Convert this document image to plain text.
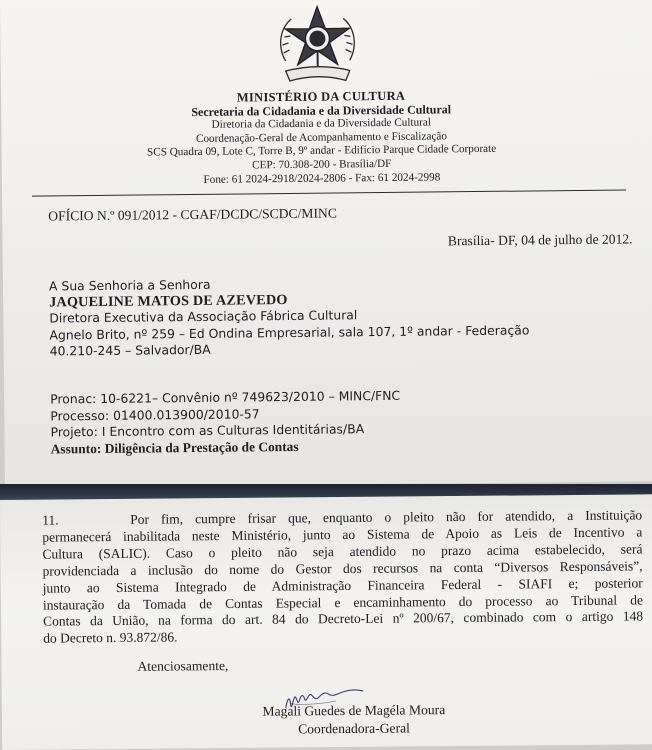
MINISTÉRIO DA CULTURA
Secretaria da Cidadania e da Diversidade Cultural
Diretoria da Cidadania e da Diversidade Cultural
Coordenação-Geral de Acompanhamento e Fiscalização
SCS Quadra 09, Lote C, Torre B, 9º andar - Edifício Parque Cidade Corporate
CEP: 70.308-200 - Brasília/DF
Fone: 61 2024-2918/2024-2806 - Fax: 61 2024-2998
OFÍCIO N.º 091/2012 - CGAF/DCDC/SCDC/MINC
Brasília- DF, 04 de julho de 2012.
A Sua Senhoria a Senhora
JAQUELINE MATOS DE AZEVEDO
Diretora Executiva da Associação Fábrica Cultural
Agnelo Brito, nº 259 – Ed Ondina Empresarial, sala 107, 1º andar - Federação
40.210-245 – Salvador/BA
Pronac: 10-6221– Convênio nº 749623/2010 – MINC/FNC
Processo: 01400.013900/2010-57
Projeto: I Encontro com as Culturas Identitárias/BA
Assunto: Diligência da Prestação de Contas
11.	Por fim, cumpre frisar que, enquanto o pleito não for atendido, a Instituição
permanecerá inabilitada neste Ministério, junto ao Sistema de Apoio as Leis de Incentivo a
Cultura (SALIC). Caso o pleito não seja atendido no prazo acima estabelecido, será
providenciada a inclusão do nome do Gestor dos recursos na conta “Diversos Responsáveis”,
junto ao Sistema Integrado de Administração Financeira Federal - SIAFI e; posterior
instauração da Tomada de Contas Especial e encaminhamento do processo ao Tribunal de
Contas da União, na forma do art. 84 do Decreto-Lei nº 200/67, combinado com o artigo 148
do Decreto n. 93.872/86.
Atenciosamente,
Magali Guedes de Magéla Moura
Coordenadora-Geral
